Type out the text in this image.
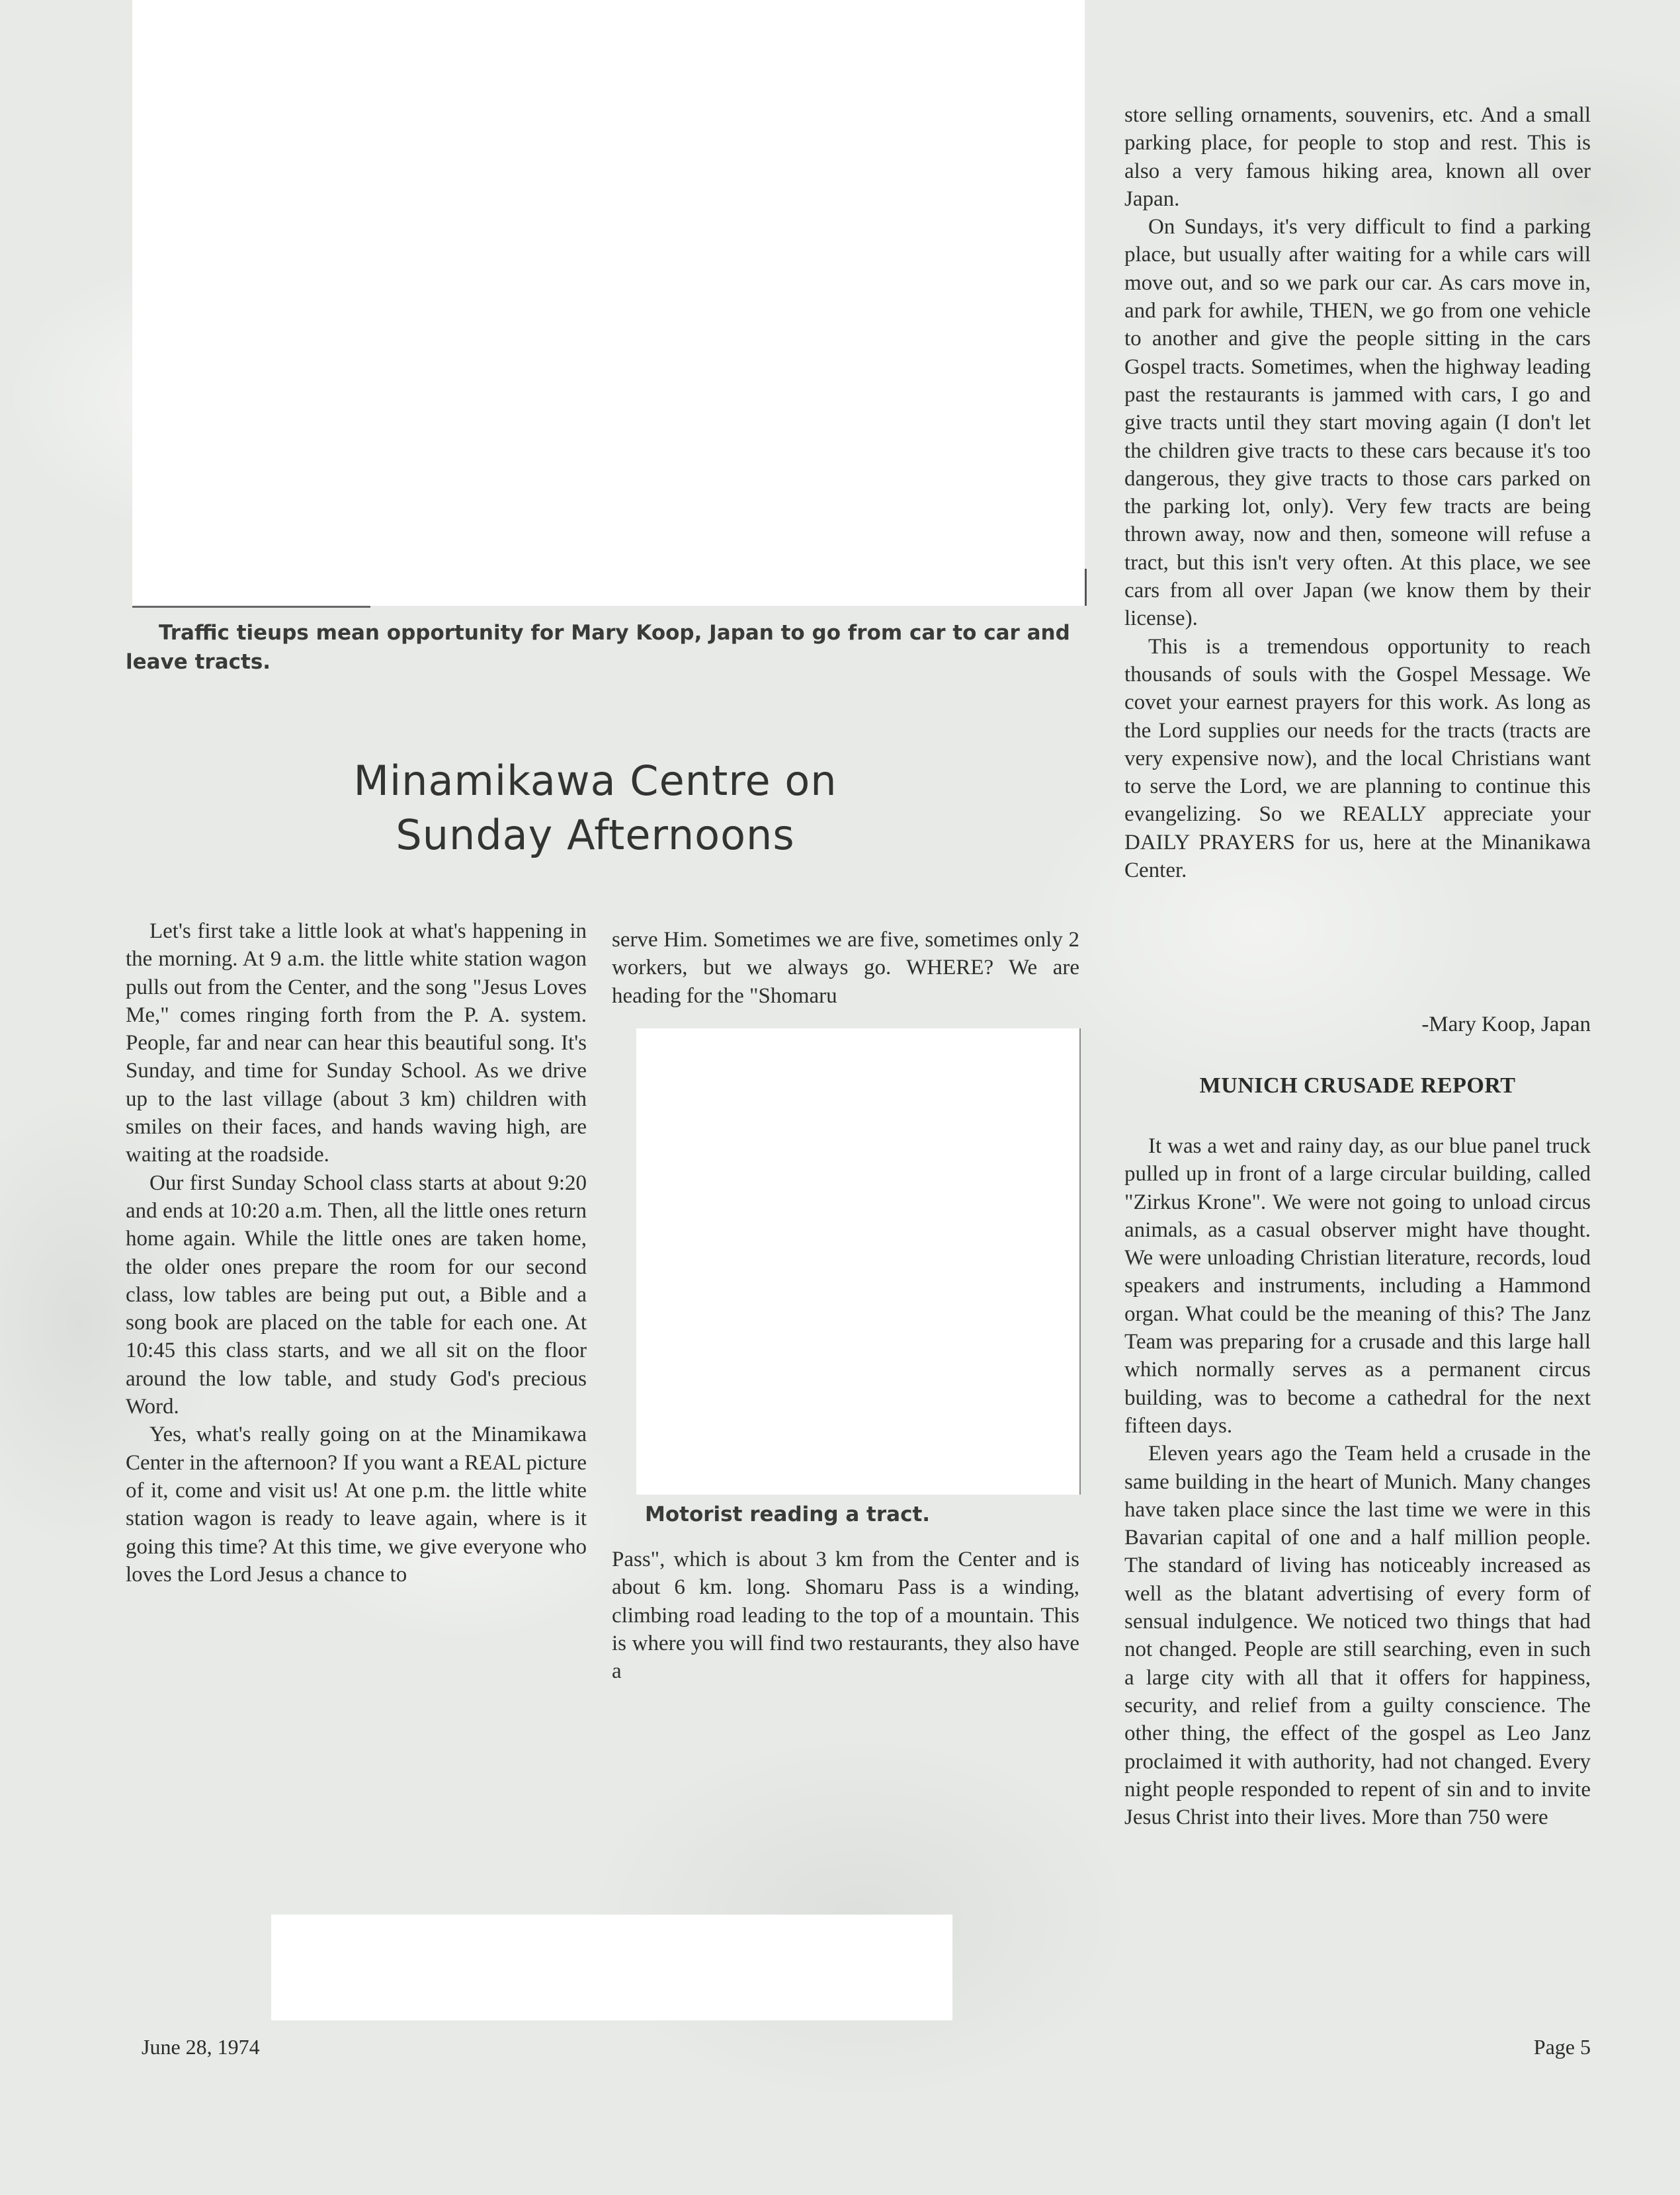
Traffic tieups mean opportunity for Mary Koop, Japan to go from car to car and leave tracts.
Minamikawa Centre on
Sunday Afternoons

Let's first take a little look at what's happening in the morning. At 9 a.m. the little white station wagon pulls out from the Center, and the song "Jesus Loves Me," comes ringing forth from the P. A. system. People, far and near can hear this beautiful song. It's Sunday, and time for Sunday School. As we drive up to the last village (about 3 km) children with smiles on their faces, and hands waving high, are waiting at the roadside.

Our first Sunday School class starts at about 9:20 and ends at 10:20 a.m. Then, all the little ones return home again. While the little ones are taken home, the older ones prepare the room for our second class, low tables are being put out, a Bible and a song book are placed on the table for each one. At 10:45 this class starts, and we all sit on the floor around the low table, and study God's precious Word.

Yes, what's really going on at the Minamikawa Center in the afternoon? If you want a REAL picture of it, come and visit us! At one p.m. the little white station wagon is ready to leave again, where is it going this time? At this time, we give everyone who loves the Lord Jesus a chance to

serve Him. Sometimes we are five, sometimes only 2 workers, but we always go. WHERE? We are heading for the "Shomaru

Motorist reading a tract.

Pass", which is about 3 km from the Center and is about 6 km. long. Shomaru Pass is a winding, climbing road leading to the top of a mountain. This is where you will find two restaurants, they also have a

store selling ornaments, souvenirs, etc. And a small parking place, for people to stop and rest. This is also a very famous hiking area, known all over Japan.

On Sundays, it's very difficult to find a parking place, but usually after waiting for a while cars will move out, and so we park our car. As cars move in, and park for awhile, THEN, we go from one vehicle to another and give the people sitting in the cars Gospel tracts. Sometimes, when the highway leading past the restaurants is jammed with cars, I go and give tracts until they start moving again (I don't let the children give tracts to these cars because it's too dangerous, they give tracts to those cars parked on the parking lot, only). Very few tracts are being thrown away, now and then, someone will refuse a tract, but this isn't very often. At this place, we see cars from all over Japan (we know them by their license).

This is a tremendous opportunity to reach thousands of souls with the Gospel Message. We covet your earnest prayers for this work. As long as the Lord supplies our needs for the tracts (tracts are very expensive now), and the local Christians want to serve the Lord, we are planning to continue this evangelizing. So we REALLY appreciate your DAILY PRAYERS for us, here at the Minanikawa Center.

-Mary Koop, Japan
MUNICH CRUSADE REPORT

It was a wet and rainy day, as our blue panel truck pulled up in front of a large circular building, called "Zirkus Krone". We were not going to unload circus animals, as a casual observer might have thought. We were unloading Christian literature, records, loud speakers and instruments, including a Hammond organ. What could be the meaning of this? The Janz Team was preparing for a crusade and this large hall which normally serves as a permanent circus building, was to become a cathedral for the next fifteen days.

Eleven years ago the Team held a crusade in the same building in the heart of Munich. Many changes have taken place since the last time we were in this Bavarian capital of one and a half million people. The standard of living has noticeably increased as well as the blatant advertising of every form of sensual indulgence. We noticed two things that had not changed. People are still searching, even in such a large city with all that it offers for happiness, security, and relief from a guilty conscience. The other thing, the effect of the gospel as Leo Janz proclaimed it with authority, had not changed. Every night people responded to repent of sin and to invite Jesus Christ into their lives. More than 750 were

June 28, 1974	Page 5
